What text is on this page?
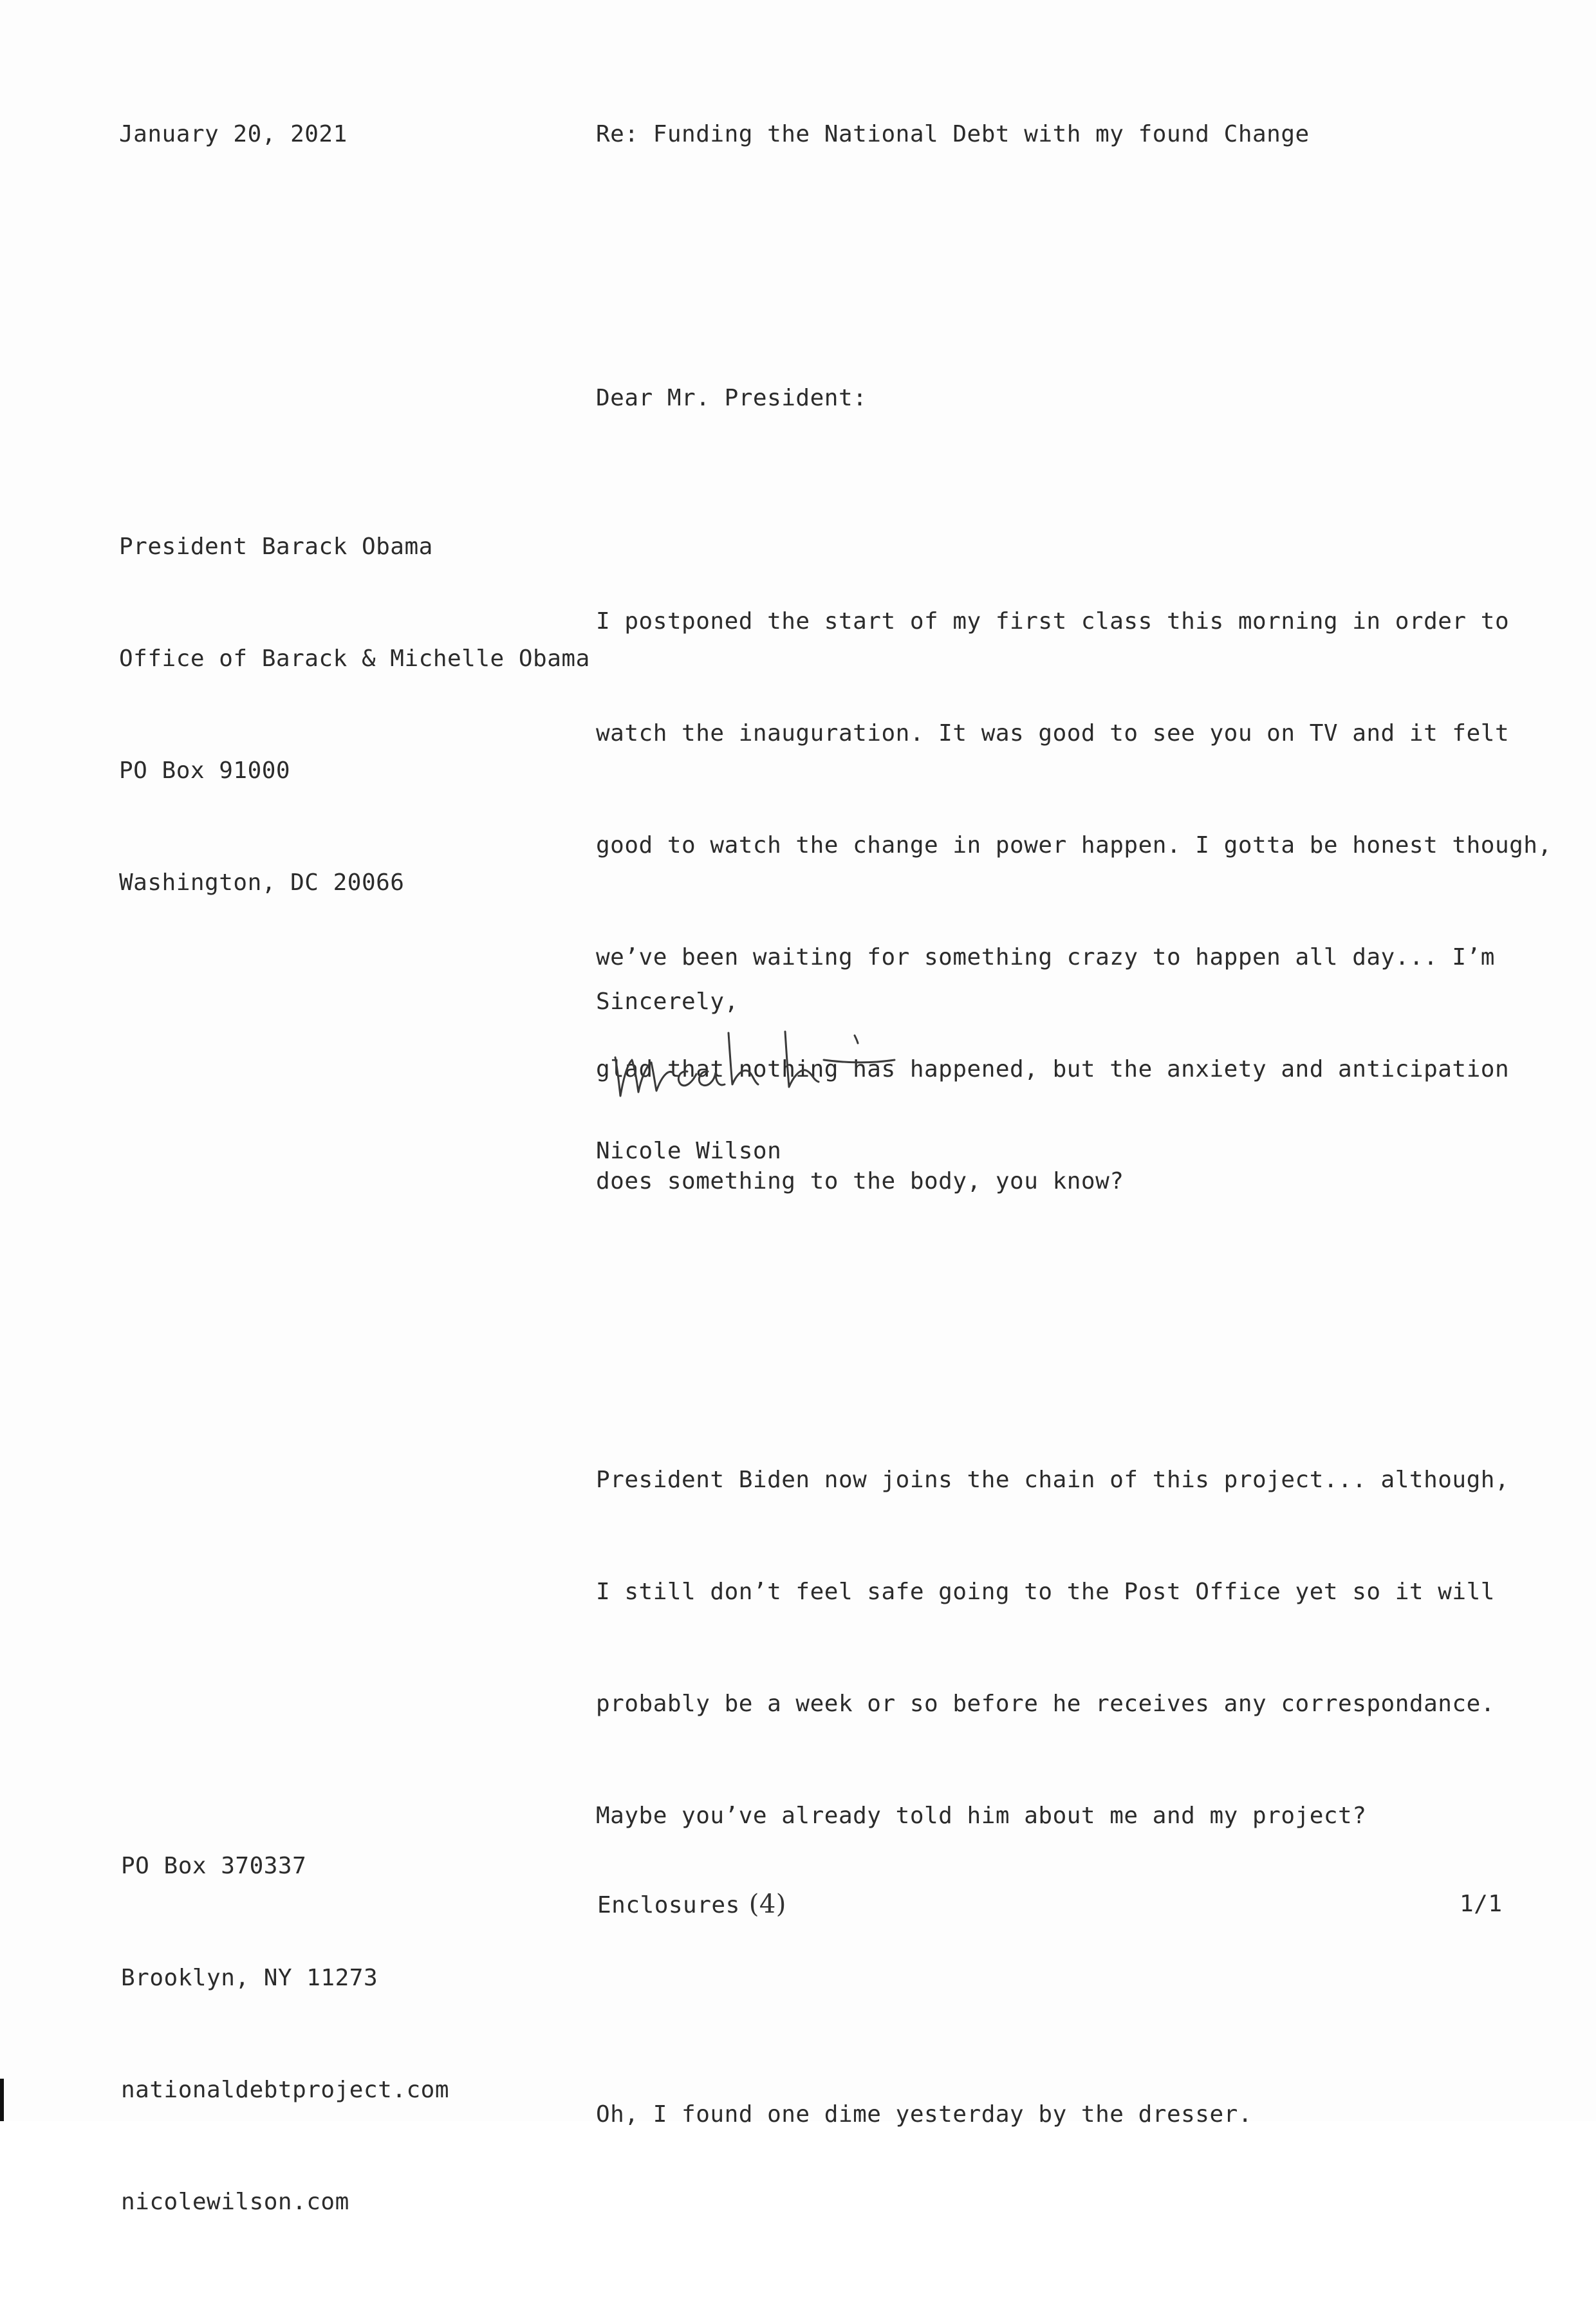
January 20, 2021	Re: Funding the National Debt with my found Change
Dear Mr. President:

President Barack Obama

Office of Barack & Michelle Obama

PO Box 91000

Washington, DC 20066

I postponed the start of my first class this morning in order to

watch the inauguration. It was good to see you on TV and it felt

good to watch the change in power happen. I gotta be honest though,

we’ve been waiting for something crazy to happen all day... I’m

glad that nothing has happened, but the anxiety and anticipation

does something to the body, you know?

President Biden now joins the chain of this project... although,

I still don’t feel safe going to the Post Office yet so it will

probably be a week or so before he receives any correspondance.

Maybe you’ve already told him about me and my project?

Oh, I found one dime yesterday by the dresser.

Sincerely,
Nicole Wilson

PO Box 370337

Brooklyn, NY 11273

nationaldebtproject.com

nicolewilson.com

Enclosures (4)	1/1
